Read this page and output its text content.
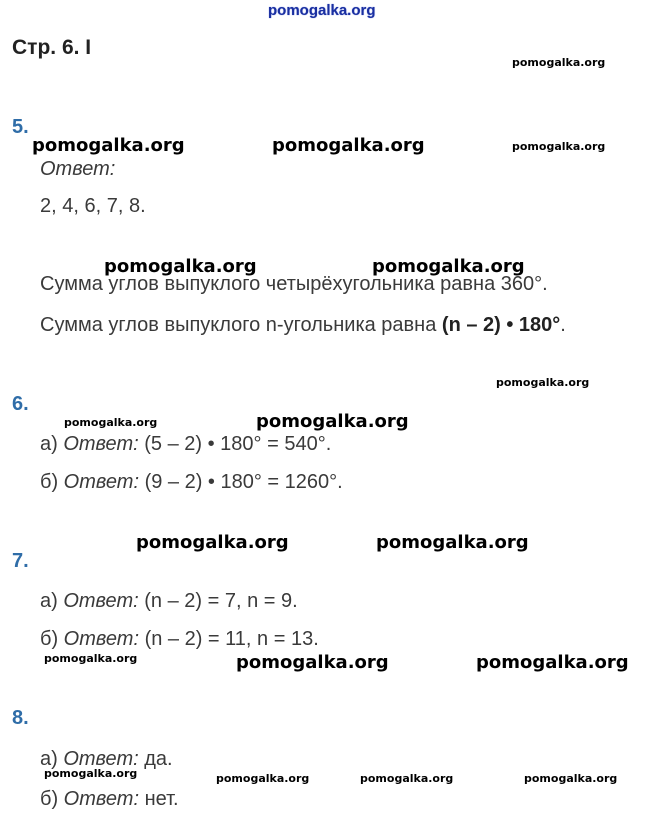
pomogalka.org
Стр. 6. I
5.
Ответ:
2, 4, 6, 7, 8.
Сумма углов выпуклого четырёхугольника равна 360°.
Сумма углов выпуклого n-угольника равна (n – 2) • 180°.
6.
а) Ответ: (5 – 2) • 180° = 540°.
б) Ответ: (9 – 2) • 180° = 1260°.
7.
а) Ответ: (n – 2) = 7, n = 9.
б) Ответ: (n – 2) = 11, n = 13.
8.
а) Ответ: да.
б) Ответ: нет.
pomogalka.org
pomogalka.org	pomogalka.org	pomogalka.org
pomogalka.org	pomogalka.org
pomogalka.org
pomogalka.org	pomogalka.org
pomogalka.org	pomogalka.org
pomogalka.org	pomogalka.org	pomogalka.org
pomogalka.org	pomogalka.org	pomogalka.org	pomogalka.org
